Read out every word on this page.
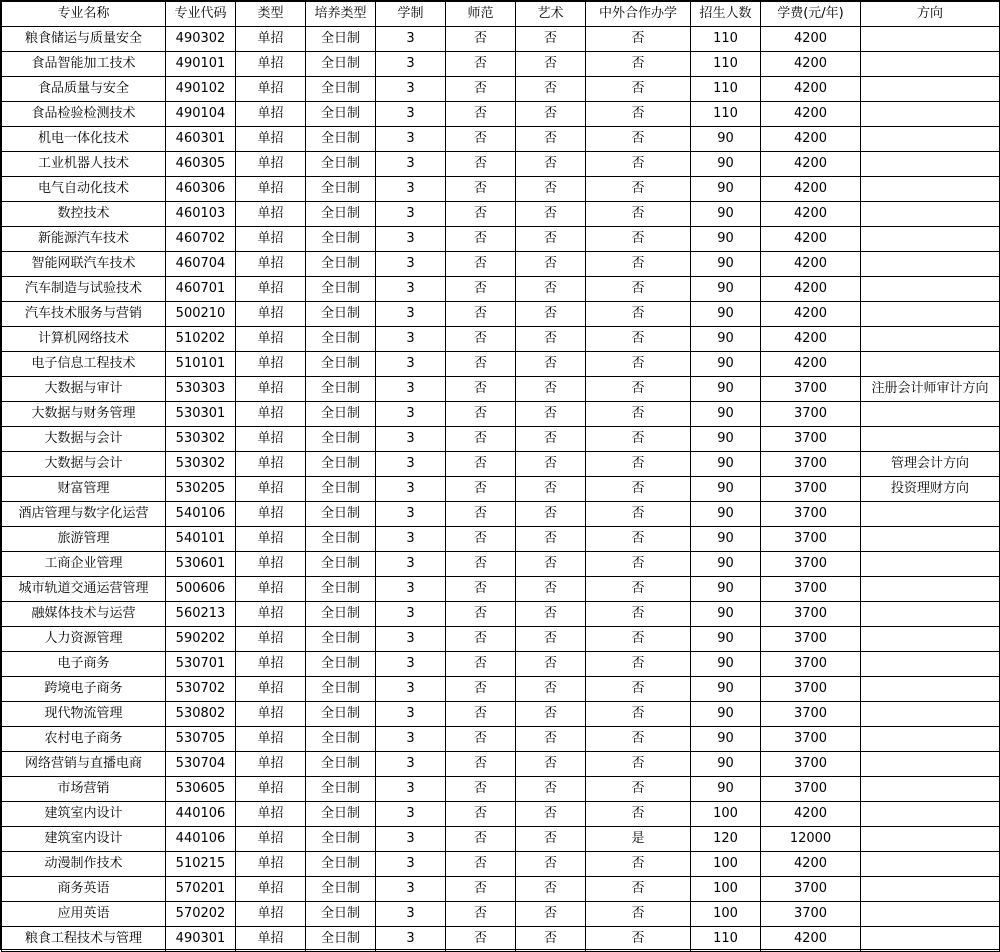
专业名称	专业代码	类型	培养类型	学制	师范	艺术	中外合作办学	招生人数	学费(元/年)	方向
粮食储运与质量安全	490302	单招	全日制	3	否	否	否	110	4200	
食品智能加工技术	490101	单招	全日制	3	否	否	否	110	4200	
食品质量与安全	490102	单招	全日制	3	否	否	否	110	4200	
食品检验检测技术	490104	单招	全日制	3	否	否	否	110	4200	
机电一体化技术	460301	单招	全日制	3	否	否	否	90	4200	
工业机器人技术	460305	单招	全日制	3	否	否	否	90	4200	
电气自动化技术	460306	单招	全日制	3	否	否	否	90	4200	
数控技术	460103	单招	全日制	3	否	否	否	90	4200	
新能源汽车技术	460702	单招	全日制	3	否	否	否	90	4200	
智能网联汽车技术	460704	单招	全日制	3	否	否	否	90	4200	
汽车制造与试验技术	460701	单招	全日制	3	否	否	否	90	4200	
汽车技术服务与营销	500210	单招	全日制	3	否	否	否	90	4200	
计算机网络技术	510202	单招	全日制	3	否	否	否	90	4200	
电子信息工程技术	510101	单招	全日制	3	否	否	否	90	4200	
大数据与审计	530303	单招	全日制	3	否	否	否	90	3700	注册会计师审计方向
大数据与财务管理	530301	单招	全日制	3	否	否	否	90	3700	
大数据与会计	530302	单招	全日制	3	否	否	否	90	3700	
大数据与会计	530302	单招	全日制	3	否	否	否	90	3700	管理会计方向
财富管理	530205	单招	全日制	3	否	否	否	90	3700	投资理财方向
酒店管理与数字化运营	540106	单招	全日制	3	否	否	否	90	3700	
旅游管理	540101	单招	全日制	3	否	否	否	90	3700	
工商企业管理	530601	单招	全日制	3	否	否	否	90	3700	
城市轨道交通运营管理	500606	单招	全日制	3	否	否	否	90	3700	
融媒体技术与运营	560213	单招	全日制	3	否	否	否	90	3700	
人力资源管理	590202	单招	全日制	3	否	否	否	90	3700	
电子商务	530701	单招	全日制	3	否	否	否	90	3700	
跨境电子商务	530702	单招	全日制	3	否	否	否	90	3700	
现代物流管理	530802	单招	全日制	3	否	否	否	90	3700	
农村电子商务	530705	单招	全日制	3	否	否	否	90	3700	
网络营销与直播电商	530704	单招	全日制	3	否	否	否	90	3700	
市场营销	530605	单招	全日制	3	否	否	否	90	3700	
建筑室内设计	440106	单招	全日制	3	否	否	否	100	4200	
建筑室内设计	440106	单招	全日制	3	否	否	是	120	12000	
动漫制作技术	510215	单招	全日制	3	否	否	否	100	4200	
商务英语	570201	单招	全日制	3	否	否	否	100	3700	
应用英语	570202	单招	全日制	3	否	否	否	100	3700	
粮食工程技术与管理	490301	单招	全日制	3	否	否	否	110	4200	
